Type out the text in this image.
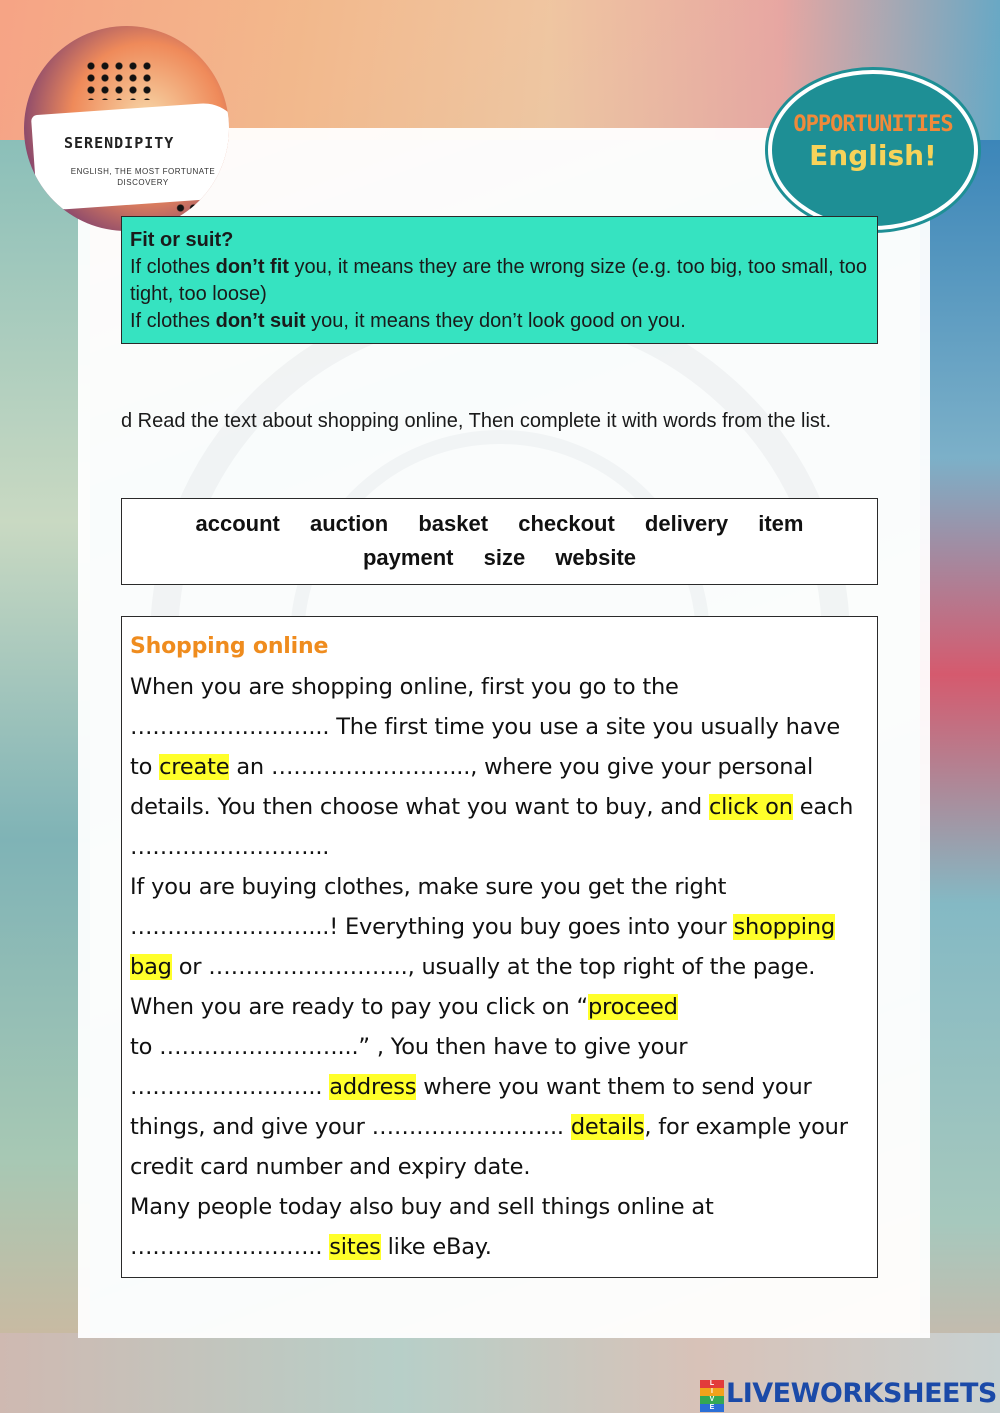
SERENDIPITY
ENGLISH, THE MOST FORTUNATE DISCOVERY
OPPORTUNITIES
English!
Fit or suit?
If clothes don’t fit you, it means they are the wrong size (e.g. too big, too small, too tight, too loose)
If clothes don’t suit you, it means they don’t look good on you.
d Read the text about shopping online, Then complete it with words from the list.
account auction basket checkout delivery item
payment size website
Shopping online
When you are shopping online, first you go to the
……………………... The first time you use a site you usually have to create an ……………………..., where you give your personal details. You then choose what you want to buy, and click on each ……………………...
If you are buying clothes, make sure you get the right
……………………...! Everything you buy goes into your shopping bag or ……………………..., usually at the top right of the page. When you are ready to pay you click on “proceed
to ……………………...” , You then have to give your
…………………….. address where you want them to send your things, and give your …………………….. details, for example your credit card number and expiry date.
Many people today also buy and sell things online at
…………………….. sites like eBay.
L
I
V
E LIVEWORKSHEETS
